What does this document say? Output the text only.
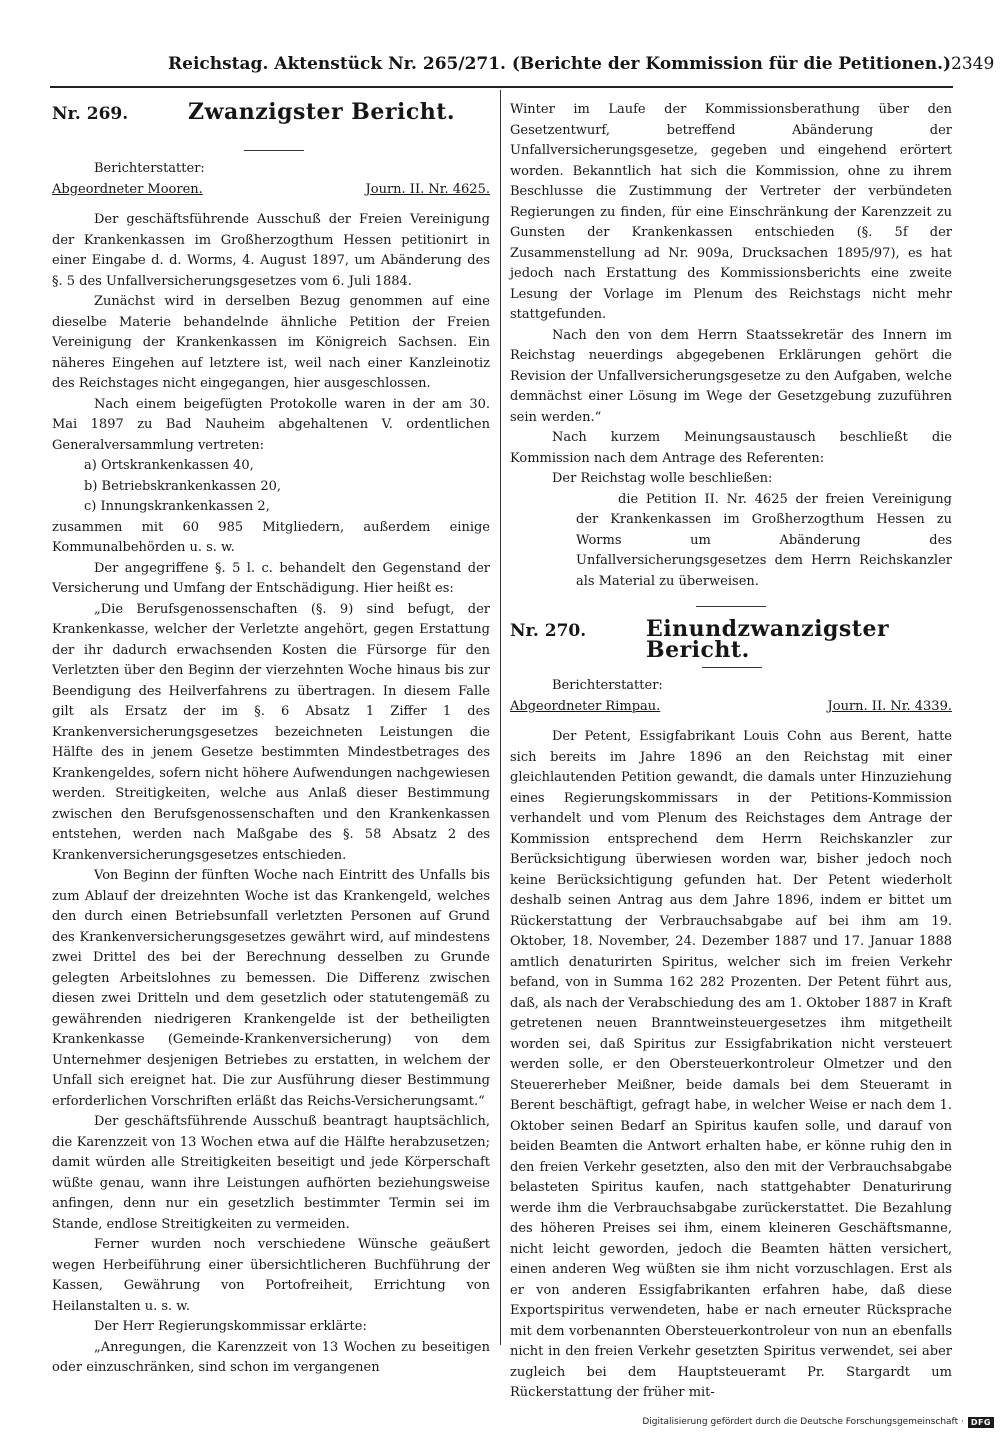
Reichstag. Aktenstück Nr. 265/271. (Berichte der Kommission für die Petitionen.) 2349
Nr. 269.	Zwanzigster Bericht.
Berichterstatter:
Abgeordneter Mooren.	Journ. II. Nr. 4625.

Der geschäftsführende Ausschuß der Freien Vereinigung der Krankenkassen im Großherzogthum Hessen petitionirt in einer Eingabe d. d. Worms, 4. August 1897, um Abänderung des §. 5 des Unfallversicherungsgesetzes vom 6. Juli 1884.

Zunächst wird in derselben Bezug genommen auf eine dieselbe Materie behandelnde ähnliche Petition der Freien Vereinigung der Krankenkassen im Königreich Sachsen. Ein näheres Eingehen auf letztere ist, weil nach einer Kanzleinotiz des Reichstages nicht eingegangen, hier ausgeschlossen.

Nach einem beigefügten Protokolle waren in der am 30. Mai 1897 zu Bad Nauheim abgehaltenen V. ordentlichen Generalversammlung vertreten:

a) Ortskrankenkassen 40,
b) Betriebskrankenkassen 20,
c) Innungskrankenkassen 2,

zusammen mit 60 985 Mitgliedern, außerdem einige Kommunalbehörden u. s. w.

Der angegriffene §. 5 l. c. behandelt den Gegenstand der Versicherung und Umfang der Entschädigung. Hier heißt es:

„Die Berufsgenossenschaften (§. 9) sind befugt, der Krankenkasse, welcher der Verletzte angehört, gegen Erstattung der ihr dadurch erwachsenden Kosten die Fürsorge für den Verletzten über den Beginn der vierzehnten Woche hinaus bis zur Beendigung des Heilverfahrens zu übertragen. In diesem Falle gilt als Ersatz der im §. 6 Absatz 1 Ziffer 1 des Krankenversicherungsgesetzes bezeichneten Leistungen die Hälfte des in jenem Gesetze bestimmten Mindestbetrages des Krankengeldes, sofern nicht höhere Aufwendungen nachgewiesen werden. Streitigkeiten, welche aus Anlaß dieser Bestimmung zwischen den Berufsgenossenschaften und den Krankenkassen entstehen, werden nach Maßgabe des §. 58 Absatz 2 des Krankenversicherungsgesetzes entschieden.

Von Beginn der fünften Woche nach Eintritt des Unfalls bis zum Ablauf der dreizehnten Woche ist das Krankengeld, welches den durch einen Betriebsunfall verletzten Personen auf Grund des Krankenversicherungsgesetzes gewährt wird, auf mindestens zwei Drittel des bei der Berechnung desselben zu Grunde gelegten Arbeitslohnes zu bemessen. Die Differenz zwischen diesen zwei Dritteln und dem gesetzlich oder statutengemäß zu gewährenden niedrigeren Krankengelde ist der betheiligten Krankenkasse (Gemeinde-Krankenversicherung) von dem Unternehmer desjenigen Betriebes zu erstatten, in welchem der Unfall sich ereignet hat. Die zur Ausführung dieser Bestimmung erforderlichen Vorschriften erläßt das Reichs-Versicherungsamt.“

Der geschäftsführende Ausschuß beantragt hauptsächlich, die Karenzzeit von 13 Wochen etwa auf die Hälfte herabzusetzen; damit würden alle Streitigkeiten beseitigt und jede Körperschaft wüßte genau, wann ihre Leistungen aufhörten beziehungsweise anfingen, denn nur ein gesetzlich bestimmter Termin sei im Stande, endlose Streitigkeiten zu vermeiden.

Ferner wurden noch verschiedene Wünsche geäußert wegen Herbeiführung einer übersichtlicheren Buchführung der Kassen, Gewährung von Portofreiheit, Errichtung von Heilanstalten u. s. w.

Der Herr Regierungskommissar erklärte:

„Anregungen, die Karenzzeit von 13 Wochen zu beseitigen oder einzuschränken, sind schon im vergangenen

Winter im Laufe der Kommissionsberathung über den Gesetzentwurf, betreffend Abänderung der Unfallversicherungsgesetze, gegeben und eingehend erörtert worden. Bekanntlich hat sich die Kommission, ohne zu ihrem Beschlusse die Zustimmung der Vertreter der verbündeten Regierungen zu finden, für eine Einschränkung der Karenzzeit zu Gunsten der Krankenkassen entschieden (§. 5f der Zusammenstellung ad Nr. 909a, Drucksachen 1895/97), es hat jedoch nach Erstattung des Kommissionsberichts eine zweite Lesung der Vorlage im Plenum des Reichstags nicht mehr stattgefunden.

Nach den von dem Herrn Staatssekretär des Innern im Reichstag neuerdings abgegebenen Erklärungen gehört die Revision der Unfallversicherungsgesetze zu den Aufgaben, welche demnächst einer Lösung im Wege der Gesetzgebung zuzuführen sein werden.“

Nach kurzem Meinungsaustausch beschließt die Kommission nach dem Antrage des Referenten:

Der Reichstag wolle beschließen:

die Petition II. Nr. 4625 der freien Vereinigung der Krankenkassen im Großherzogthum Hessen zu Worms um Abänderung des Unfallversicherungsgesetzes dem Herrn Reichskanzler als Material zu überweisen.

Nr. 270.	Einundzwanzigster Bericht.
Berichterstatter:
Abgeordneter Rimpau.	Journ. II. Nr. 4339.

Der Petent, Essigfabrikant Louis Cohn aus Berent, hatte sich bereits im Jahre 1896 an den Reichstag mit einer gleichlautenden Petition gewandt, die damals unter Hinzuziehung eines Regierungskommissars in der Petitions-Kommission verhandelt und vom Plenum des Reichstages dem Antrage der Kommission entsprechend dem Herrn Reichskanzler zur Berücksichtigung überwiesen worden war, bisher jedoch noch keine Berücksichtigung gefunden hat. Der Petent wiederholt deshalb seinen Antrag aus dem Jahre 1896, indem er bittet um Rückerstattung der Verbrauchsabgabe auf bei ihm am 19. Oktober, 18. November, 24. Dezember 1887 und 17. Januar 1888 amtlich denaturirten Spiritus, welcher sich im freien Verkehr befand, von in Summa 162 282 Prozenten. Der Petent führt aus, daß, als nach der Verabschiedung des am 1. Oktober 1887 in Kraft getretenen neuen Branntweinsteuergesetzes ihm mitgetheilt worden sei, daß Spiritus zur Essigfabrikation nicht versteuert werden solle, er den Obersteuerkontroleur Olmetzer und den Steuererheber Meißner, beide damals bei dem Steueramt in Berent beschäftigt, gefragt habe, in welcher Weise er nach dem 1. Oktober seinen Bedarf an Spiritus kaufen solle, und darauf von beiden Beamten die Antwort erhalten habe, er könne ruhig den in den freien Verkehr gesetzten, also den mit der Verbrauchsabgabe belasteten Spiritus kaufen, nach stattgehabter Denaturirung werde ihm die Verbrauchsabgabe zurückerstattet. Die Bezahlung des höheren Preises sei ihm, einem kleineren Geschäftsmanne, nicht leicht geworden, jedoch die Beamten hätten versichert, einen anderen Weg wüßten sie ihm nicht vorzuschlagen. Erst als er von anderen Essigfabrikanten erfahren habe, daß diese Exportspiritus verwendeten, habe er nach erneuter Rücksprache mit dem vorbenannten Obersteuerkontroleur von nun an ebenfalls nicht in den freien Verkehr gesetzten Spiritus verwendet, sei aber zugleich bei dem Hauptsteueramt Pr. Stargardt um Rückerstattung der früher mit-

Digitalisierung gefördert durch die Deutsche Forschungsgemeinschaft · DFG
